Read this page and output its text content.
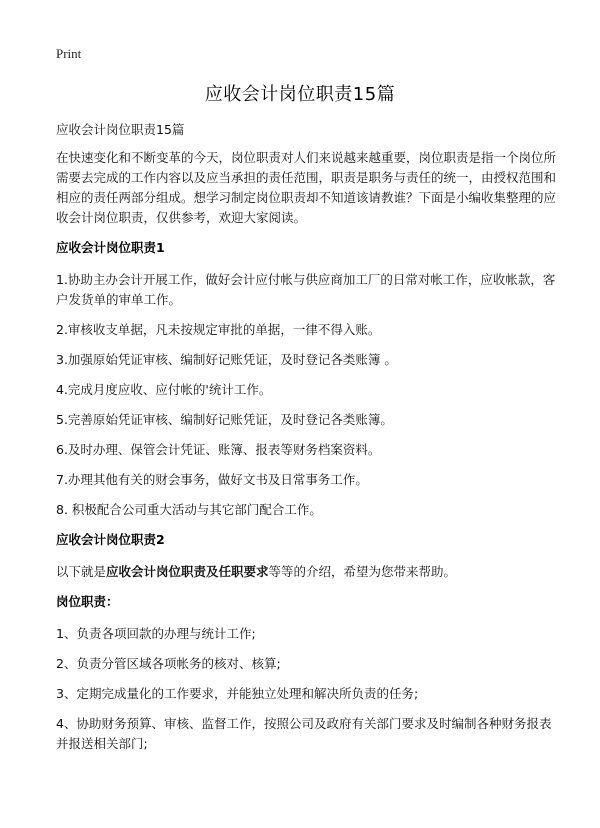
Print
应收会计岗位职责15篇
应收会计岗位职责15篇
在快速变化和不断变革的今天，岗位职责对人们来说越来越重要，岗位职责是指一个岗位所需要去完成的工作内容以及应当承担的责任范围，职责是职务与责任的统一，由授权范围和相应的责任两部分组成。想学习制定岗位职责却不知道该请教谁？下面是小编收集整理的应收会计岗位职责，仅供参考，欢迎大家阅读。
应收会计岗位职责1
1.协助主办会计开展工作，做好会计应付帐与供应商加工厂的日常对帐工作，应收帐款，客户发货单的审单工作。
2.审核收支单据，凡未按规定审批的单据，一律不得入账。
3.加强原始凭证审核、编制好记账凭证，及时登记各类账簿 。
4.完成月度应收、应付帐的'统计工作。
5.完善原始凭证审核、编制好记账凭证，及时登记各类账簿。
6.及时办理、保管会计凭证、账簿、报表等财务档案资料。
7.办理其他有关的财会事务，做好文书及日常事务工作。
8. 积极配合公司重大活动与其它部门配合工作。
应收会计岗位职责2
以下就是应收会计岗位职责及任职要求等等的介绍，希望为您带来帮助。
岗位职责：
1、负责各项回款的办理与统计工作;
2、负责分管区域各项帐务的核对、核算;
3、定期完成量化的工作要求，并能独立处理和解决所负责的任务;
4、协助财务预算、审核、监督工作，按照公司及政府有关部门要求及时编制各种财务报表并报送相关部门;
